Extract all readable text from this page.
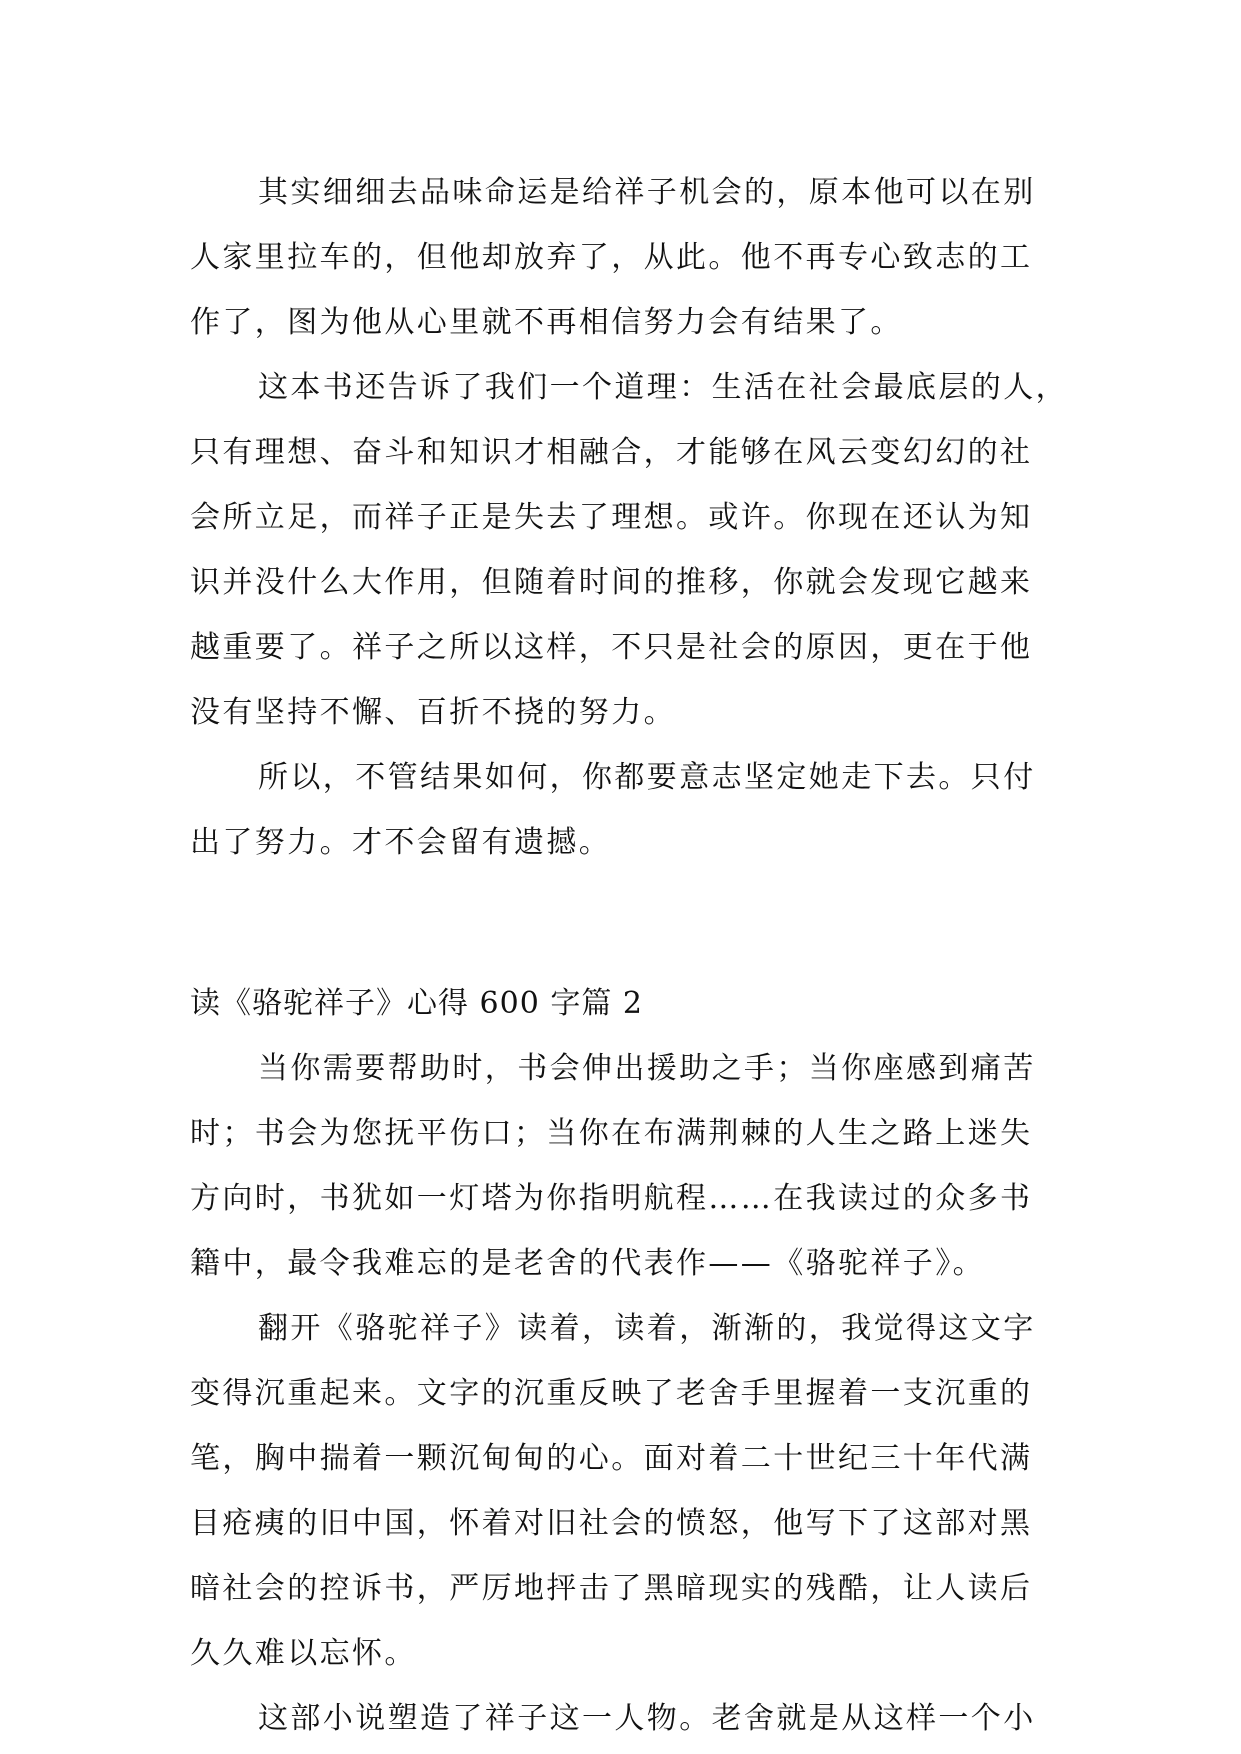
其实细细去品味命运是给祥子机会的，原本他可以在别
人家里拉车的，但他却放弃了，从此。他不再专心致志的工
作了，图为他从心里就不再相信努力会有结果了。
这本书还告诉了我们一个道理：生活在社会最底层的人，
只有理想、奋斗和知识才相融合，才能够在风云变幻幻的社
会所立足，而祥子正是失去了理想。或许。你现在还认为知
识并没什么大作用，但随着时间的推移，你就会发现它越来
越重要了。祥子之所以这样，不只是社会的原因，更在于他
没有坚持不懈、百折不挠的努力。
所以，不管结果如何，你都要意志坚定她走下去。只付
出了努力。才不会留有遗撼。
读《骆驼祥子》心得 600 字篇 2
当你需要帮助时，书会伸出援助之手；当你座感到痛苦
时；书会为您抚平伤口；当你在布满荆棘的人生之路上迷失
方向时，书犹如一灯塔为你指明航程……在我读过的众多书
籍中，最令我难忘的是老舍的代表作——《骆驼祥子》。
翻开《骆驼祥子》读着，读着，渐渐的，我觉得这文字
变得沉重起来。文字的沉重反映了老舍手里握着一支沉重的
笔，胸中揣着一颗沉甸甸的心。面对着二十世纪三十年代满
目疮痍的旧中国，怀着对旧社会的愤怒，他写下了这部对黑
暗社会的控诉书，严厉地抨击了黑暗现实的残酷，让人读后
久久难以忘怀。
这部小说塑造了祥子这一人物。老舍就是从这样一个小
